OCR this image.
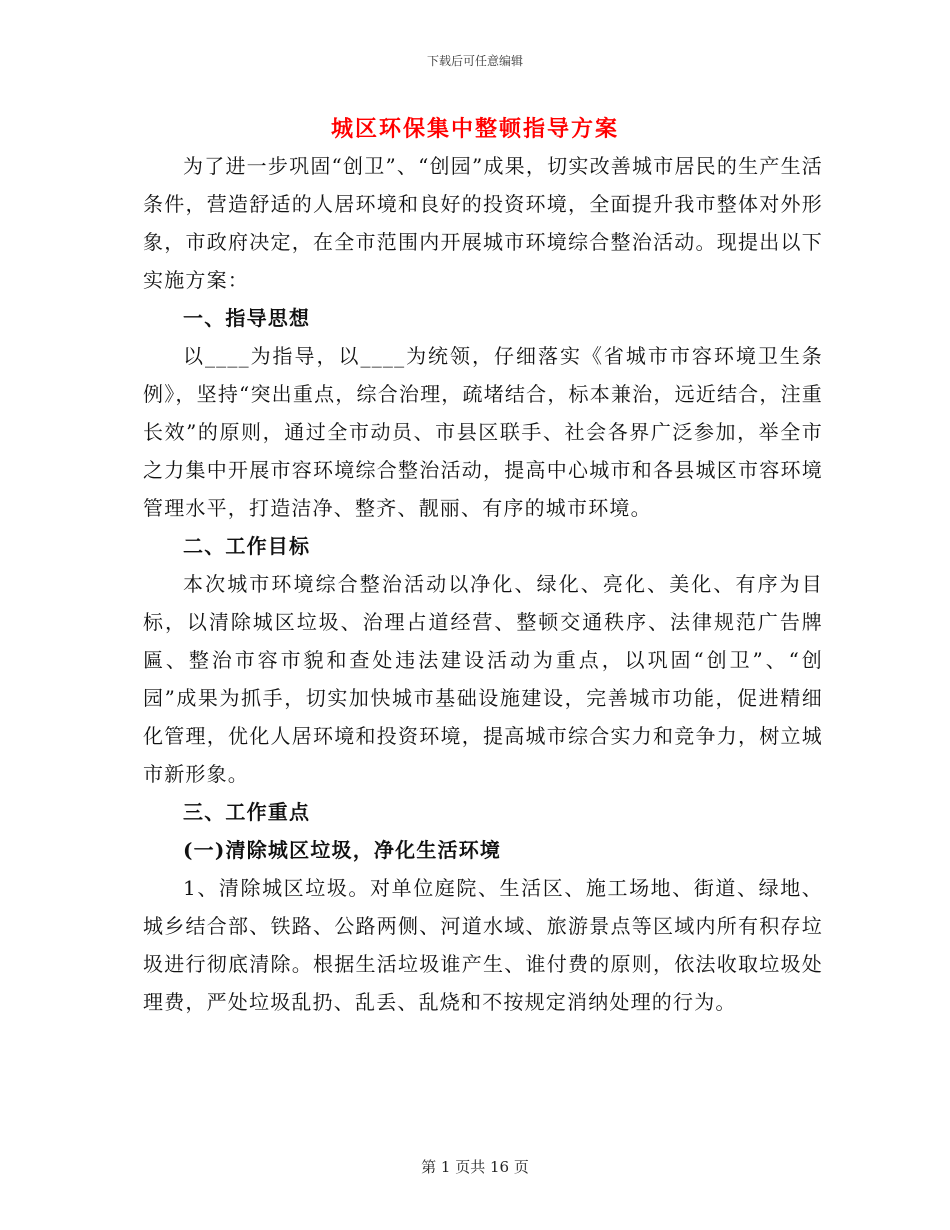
下载后可任意编辑
城区环保集中整顿指导方案

为了进一步巩固“创卫”、“创园”成果，切实改善城市居民的生产生活条件，营造舒适的人居环境和良好的投资环境，全面提升我市整体对外形象，市政府决定，在全市范围内开展城市环境综合整治活动。现提出以下实施方案：

一、指导思想

以____为指导，以____为统领，仔细落实《省城市市容环境卫生条例》，坚持“突出重点，综合治理，疏堵结合，标本兼治，远近结合，注重长效”的原则，通过全市动员、市县区联手、社会各界广泛参加，举全市之力集中开展市容环境综合整治活动，提高中心城市和各县城区市容环境管理水平，打造洁净、整齐、靓丽、有序的城市环境。

二、工作目标

本次城市环境综合整治活动以净化、绿化、亮化、美化、有序为目标，以清除城区垃圾、治理占道经营、整顿交通秩序、法律规范广告牌匾、整治市容市貌和查处违法建设活动为重点，以巩固“创卫”、“创园”成果为抓手，切实加快城市基础设施建设，完善城市功能，促进精细化管理，优化人居环境和投资环境，提高城市综合实力和竞争力，树立城市新形象。

三、工作重点
(一)清除城区垃圾，净化生活环境

1、清除城区垃圾。对单位庭院、生活区、施工场地、街道、绿地、城乡结合部、铁路、公路两侧、河道水域、旅游景点等区域内所有积存垃圾进行彻底清除。根据生活垃圾谁产生、谁付费的原则，依法收取垃圾处理费，严处垃圾乱扔、乱丢、乱烧和不按规定消纳处理的行为。

第 1 页共 16 页
